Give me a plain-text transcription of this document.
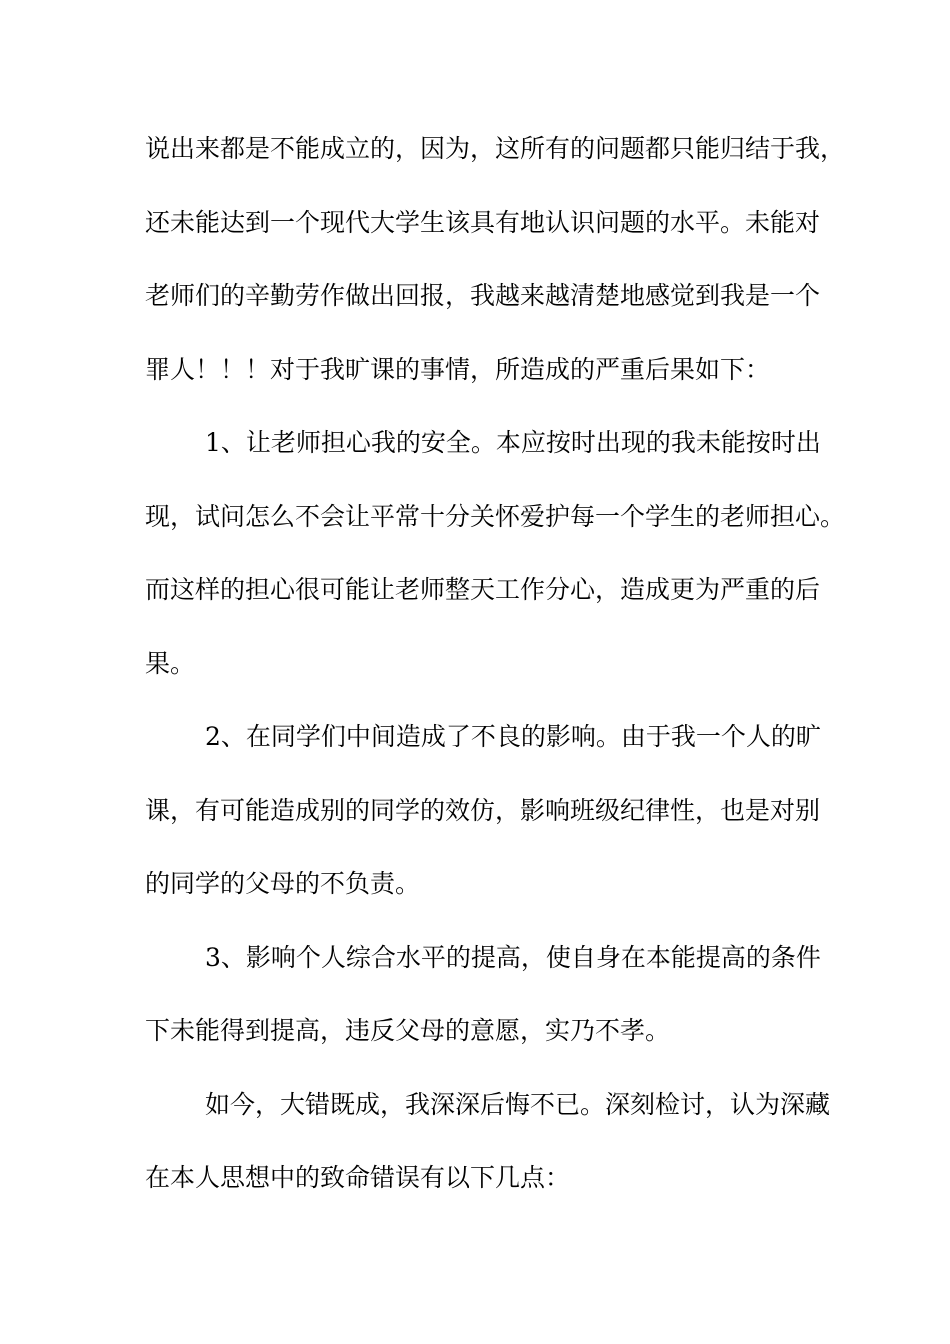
说出来都是不能成立的，因为，这所有的问题都只能归结于我，
还未能达到一个现代大学生该具有地认识问题的水平。未能对
老师们的辛勤劳作做出回报，我越来越清楚地感觉到我是一个
罪人！！！对于我旷课的事情，所造成的严重后果如下：
1、让老师担心我的安全。本应按时出现的我未能按时出
现，试问怎么不会让平常十分关怀爱护每一个学生的老师担心。
而这样的担心很可能让老师整天工作分心，造成更为严重的后
果。
2、在同学们中间造成了不良的影响。由于我一个人的旷
课，有可能造成别的同学的效仿，影响班级纪律性，也是对别
的同学的父母的不负责。
3、影响个人综合水平的提高，使自身在本能提高的条件
下未能得到提高，违反父母的意愿，实乃不孝。
如今，大错既成，我深深后悔不已。深刻检讨，认为深藏
在本人思想中的致命错误有以下几点：
